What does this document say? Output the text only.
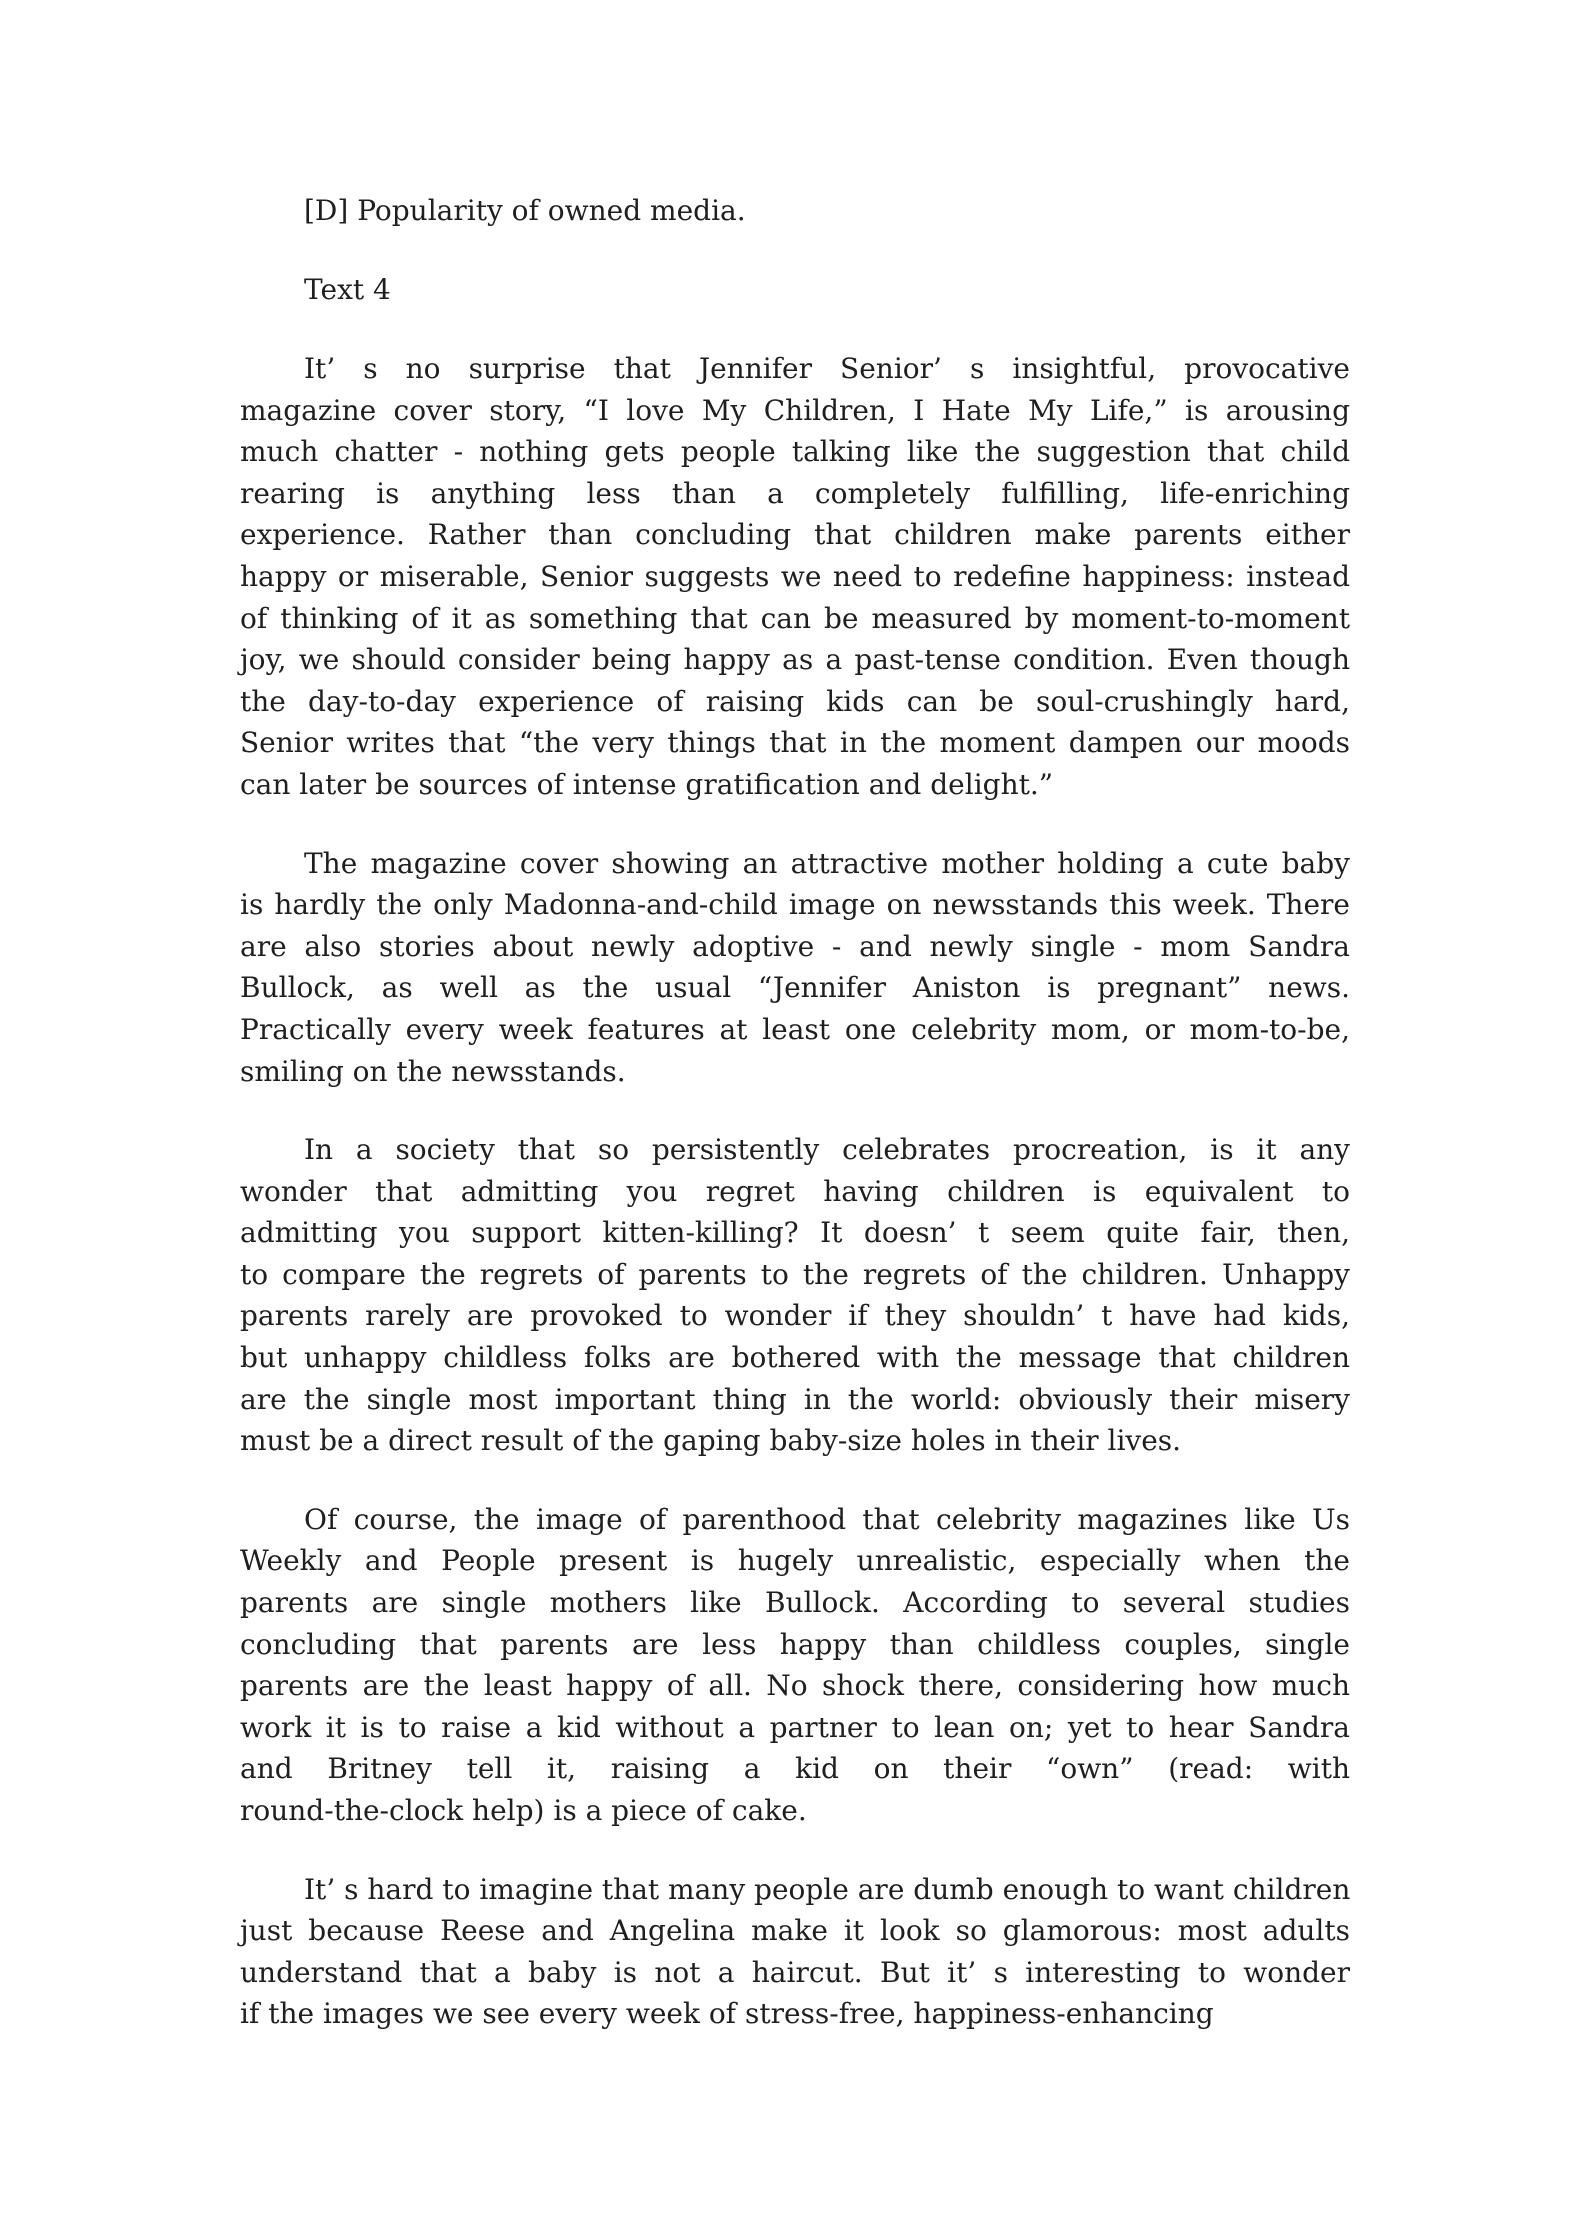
[D] Popularity of owned media.

Text 4

It’ s no surprise that Jennifer Senior’ s insightful, provocative
magazine cover story, “I love My Children, I Hate My Life,” is arousing
much chatter - nothing gets people talking like the suggestion that child
rearing is anything less than a completely fulfilling, life-enriching
experience. Rather than concluding that children make parents either
happy or miserable, Senior suggests we need to redefine happiness: instead
of thinking of it as something that can be measured by moment-to-moment
joy, we should consider being happy as a past-tense condition. Even though
the day-to-day experience of raising kids can be soul-crushingly hard,
Senior writes that “the very things that in the moment dampen our moods
can later be sources of intense gratification and delight.”
The magazine cover showing an attractive mother holding a cute baby
is hardly the only Madonna-and-child image on newsstands this week. There
are also stories about newly adoptive - and newly single - mom Sandra
Bullock, as well as the usual “Jennifer Aniston is pregnant” news.
Practically every week features at least one celebrity mom, or mom-to-be,
smiling on the newsstands.
In a society that so persistently celebrates procreation, is it any
wonder that admitting you regret having children is equivalent to
admitting you support kitten-killing? It doesn’ t seem quite fair, then,
to compare the regrets of parents to the regrets of the children. Unhappy
parents rarely are provoked to wonder if they shouldn’ t have had kids,
but unhappy childless folks are bothered with the message that children
are the single most important thing in the world: obviously their misery
must be a direct result of the gaping baby-size holes in their lives.
Of course, the image of parenthood that celebrity magazines like Us
Weekly and People present is hugely unrealistic, especially when the
parents are single mothers like Bullock. According to several studies
concluding that parents are less happy than childless couples, single
parents are the least happy of all. No shock there, considering how much
work it is to raise a kid without a partner to lean on; yet to hear Sandra
and Britney tell it, raising a kid on their “own” (read: with
round-the-clock help) is a piece of cake.
It’ s hard to imagine that many people are dumb enough to want children
just because Reese and Angelina make it look so glamorous: most adults
understand that a baby is not a haircut. But it’ s interesting to wonder
if the images we see every week of stress-free, happiness-enhancing
